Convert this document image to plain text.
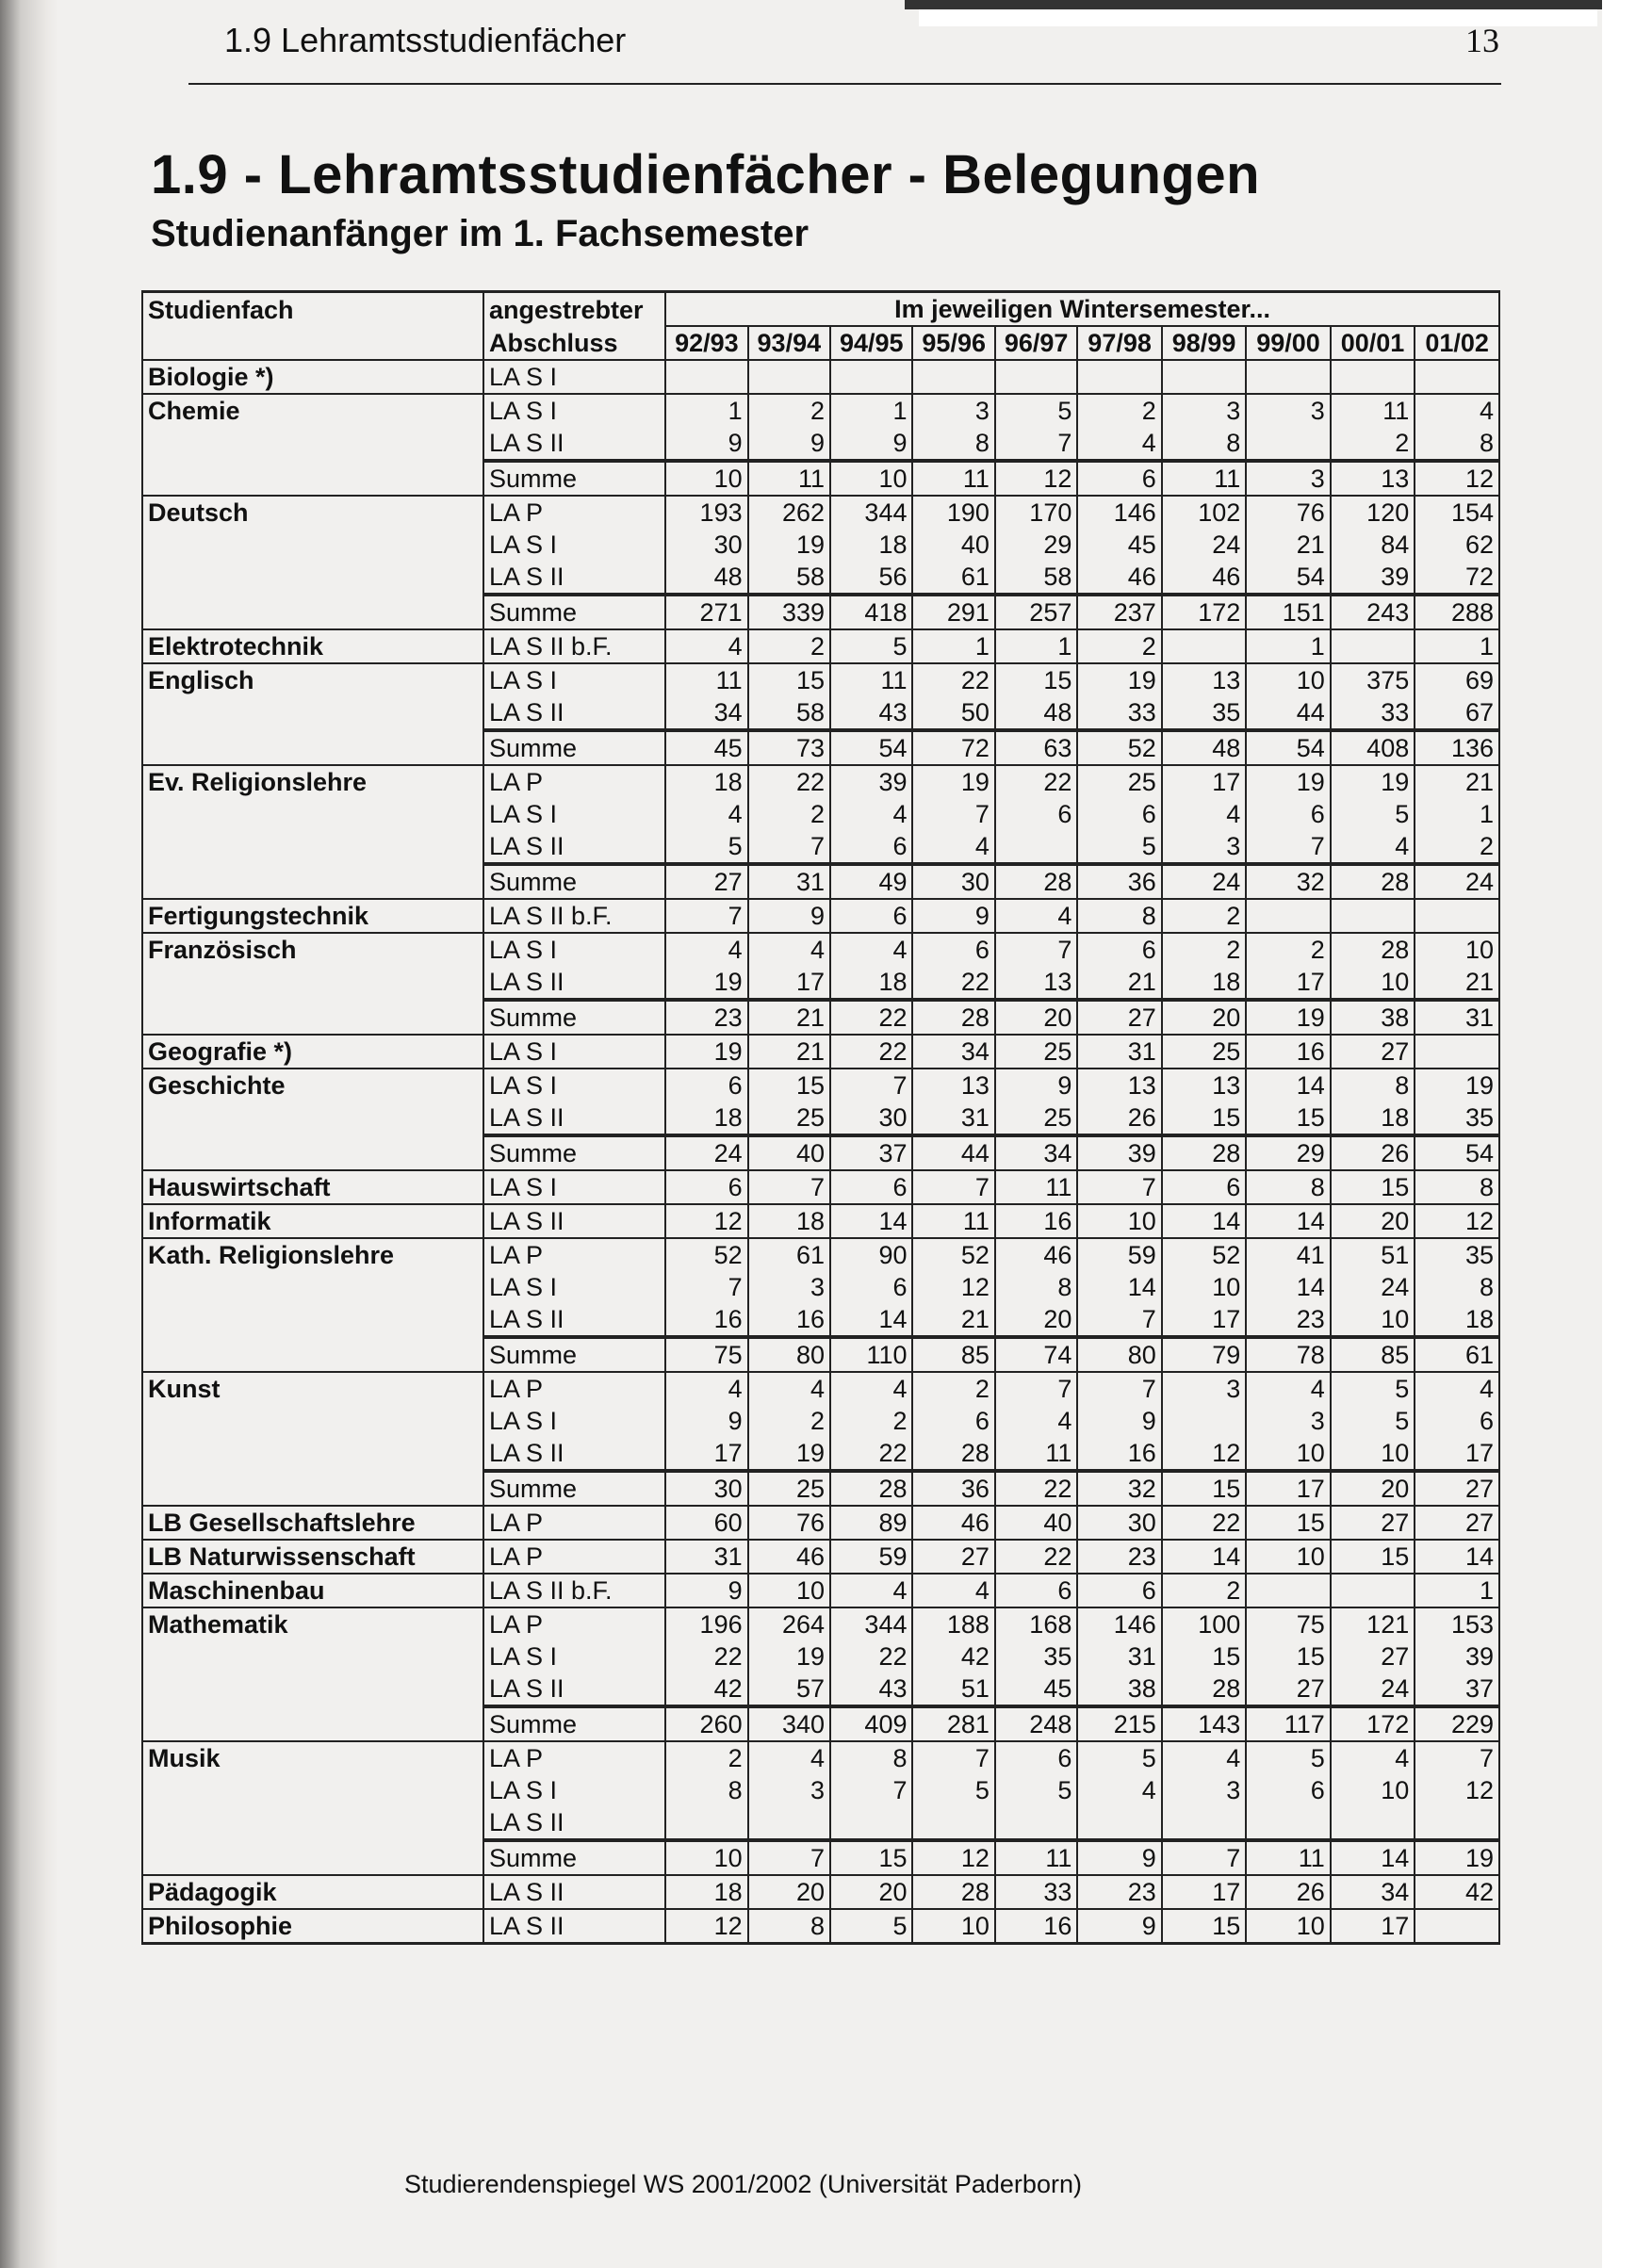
1.9 Lehramtsstudienfächer	13
1.9 - Lehramtsstudienfächer - Belegungen
Studienanfänger im 1. Fachsemester
Studienfach	angestrebter	Im jeweiligen Wintersemester...									
	Abschluss	92/93	93/94	94/95	95/96	96/97	97/98	98/99	99/00	00/01	01/02
Biologie *)	LA S I										
Chemie	LA S I	1	2	1	3	5	2	3	3	11	4
	LA S II	9	9	9	8	7	4	8		2	8
	Summe	10	11	10	11	12	6	11	3	13	12
Deutsch	LA P	193	262	344	190	170	146	102	76	120	154
	LA S I	30	19	18	40	29	45	24	21	84	62
	LA S II	48	58	56	61	58	46	46	54	39	72
	Summe	271	339	418	291	257	237	172	151	243	288
Elektrotechnik	LA S II b.F.	4	2	5	1	1	2		1		1
Englisch	LA S I	11	15	11	22	15	19	13	10	375	69
	LA S II	34	58	43	50	48	33	35	44	33	67
	Summe	45	73	54	72	63	52	48	54	408	136
Ev. Religionslehre	LA P	18	22	39	19	22	25	17	19	19	21
	LA S I	4	2	4	7	6	6	4	6	5	1
	LA S II	5	7	6	4		5	3	7	4	2
	Summe	27	31	49	30	28	36	24	32	28	24
Fertigungstechnik	LA S II b.F.	7	9	6	9	4	8	2			
Französisch	LA S I	4	4	4	6	7	6	2	2	28	10
	LA S II	19	17	18	22	13	21	18	17	10	21
	Summe	23	21	22	28	20	27	20	19	38	31
Geografie *)	LA S I	19	21	22	34	25	31	25	16	27	
Geschichte	LA S I	6	15	7	13	9	13	13	14	8	19
	LA S II	18	25	30	31	25	26	15	15	18	35
	Summe	24	40	37	44	34	39	28	29	26	54
Hauswirtschaft	LA S I	6	7	6	7	11	7	6	8	15	8
Informatik	LA S II	12	18	14	11	16	10	14	14	20	12
Kath. Religionslehre	LA P	52	61	90	52	46	59	52	41	51	35
	LA S I	7	3	6	12	8	14	10	14	24	8
	LA S II	16	16	14	21	20	7	17	23	10	18
	Summe	75	80	110	85	74	80	79	78	85	61
Kunst	LA P	4	4	4	2	7	7	3	4	5	4
	LA S I	9	2	2	6	4	9		3	5	6
	LA S II	17	19	22	28	11	16	12	10	10	17
	Summe	30	25	28	36	22	32	15	17	20	27
LB Gesellschaftslehre	LA P	60	76	89	46	40	30	22	15	27	27
LB Naturwissenschaft	LA P	31	46	59	27	22	23	14	10	15	14
Maschinenbau	LA S II b.F.	9	10	4	4	6	6	2			1
Mathematik	LA P	196	264	344	188	168	146	100	75	121	153
	LA S I	22	19	22	42	35	31	15	15	27	39
	LA S II	42	57	43	51	45	38	28	27	24	37
	Summe	260	340	409	281	248	215	143	117	172	229
Musik	LA P	2	4	8	7	6	5	4	5	4	7
	LA S I	8	3	7	5	5	4	3	6	10	12
	LA S II										
	Summe	10	7	15	12	11	9	7	11	14	19
Pädagogik	LA S II	18	20	20	28	33	23	17	26	34	42
Philosophie	LA S II	12	8	5	10	16	9	15	10	17	
Studierendenspiegel WS 2001/2002 (Universität Paderborn)
